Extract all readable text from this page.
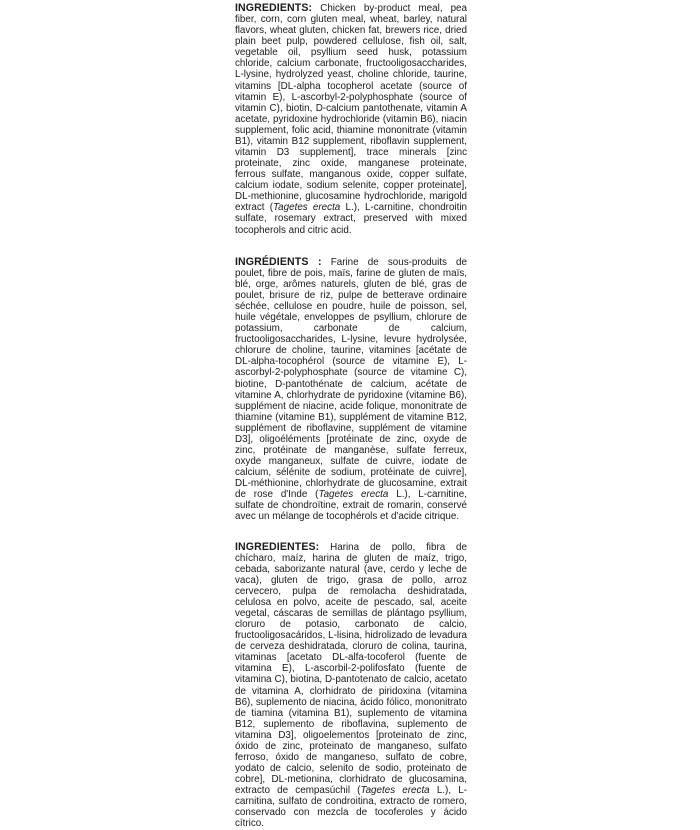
INGREDIENTS: Chicken by-product meal, pea fiber, corn, corn gluten meal, wheat, barley, natural flavors, wheat gluten, chicken fat, brewers rice, dried plain beet pulp, powdered cellulose, fish oil, salt, vegetable oil, psyllium seed husk, potassium chloride, calcium carbonate, fructooligosaccharides, L-lysine, hydrolyzed yeast, choline chloride, taurine, vitamins [DL-alpha tocopherol acetate (source of vitamin E), L-ascorbyl-2-polyphosphate (source of vitamin C), biotin, D-calcium pantothenate, vitamin A acetate, pyridoxine hydrochloride (vitamin B6), niacin supplement, folic acid, thiamine mononitrate (vitamin B1), vitamin B12 supplement, riboflavin supplement, vitamin D3 supplement], trace minerals [zinc proteinate, zinc oxide, manganese proteinate, ferrous sulfate, manganous oxide, copper sulfate, calcium iodate, sodium selenite, copper proteinate], DL-methionine, glucosamine hydrochloride, marigold extract (Tagetes erecta L.), L-carnitine, chondroitin sulfate, rosemary extract, preserved with mixed tocopherols and citric acid.

INGRÉDIENTS : Farine de sous-produits de poulet, fibre de pois, maïs, farine de gluten de maïs, blé, orge, arômes naturels, gluten de blé, gras de poulet, brisure de riz, pulpe de betterave ordinaire séchée, cellulose en poudre, huile de poisson, sel, huile végétale, enveloppes de psyllium, chlorure de potassium, carbonate de calcium, fructooligosaccharides, L-lysine, levure hydrolysée, chlorure de choline, taurine, vitamines [acétate de DL-alpha-tocophérol (source de vitamine E), L-ascorbyl-2-polyphosphate (source de vitamine C), biotine, D-pantothénate de calcium, acétate de vitamine A, chlorhydrate de pyridoxine (vitamine B6), supplément de niacine, acide folique, mononitrate de thiamine (vitamine B1), supplément de vitamine B12, supplément de riboflavine, supplément de vitamine D3], oligoéléments [protéinate de zinc, oxyde de zinc, protéinate de manganèse, sulfate ferreux, oxyde manganeux, sulfate de cuivre, iodate de calcium, sélénite de sodium, protéinate de cuivre], DL-méthionine, chlorhydrate de glucosamine, extrait de rose d'Inde (Tagetes erecta L.), L-carnitine, sulfate de chondroïtine, extrait de romarin, conservé avec un mélange de tocophérols et d'acide citrique.

INGREDIENTES: Harina de pollo, fibra de chícharo, maíz, harina de gluten de maíz, trigo, cebada, saborizante natural (ave, cerdo y leche de vaca), gluten de trigo, grasa de pollo, arroz cervecero, pulpa de remolacha deshidratada, celulosa en polvo, aceite de pescado, sal, aceite vegetal, cáscaras de semillas de plántago psyllium, cloruro de potasio, carbonato de calcio, fructooligosacáridos, L-lisina, hidrolizado de levadura de cerveza deshidratada, cloruro de colina, taurina, vitaminas [acetato DL-alfa-tocoferol (fuente de vitamina E), L-ascorbil-2-polifosfato (fuente de vitamina C), biotina, D-pantotenato de calcio, acetato de vitamina A, clorhidrato de piridoxina (vitamina B6), suplemento de niacina, ácido fólico, mononitrato de tiamina (vitamina B1), suplemento de vitamina B12, suplemento de riboflavina, suplemento de vitamina D3], oligoelementos [proteinato de zinc, óxido de zinc, proteinato de manganeso, sulfato ferroso, óxido de manganeso, sulfato de cobre, yodato de calcio, selenito de sodio, proteinato de cobre], DL-metionina, clorhidrato de glucosamina, extracto de cempasúchil (Tagetes erecta L.), L-carnitina, sulfato de condroitina, extracto de romero, conservado con mezcla de tocoferoles y ácido cítrico.
